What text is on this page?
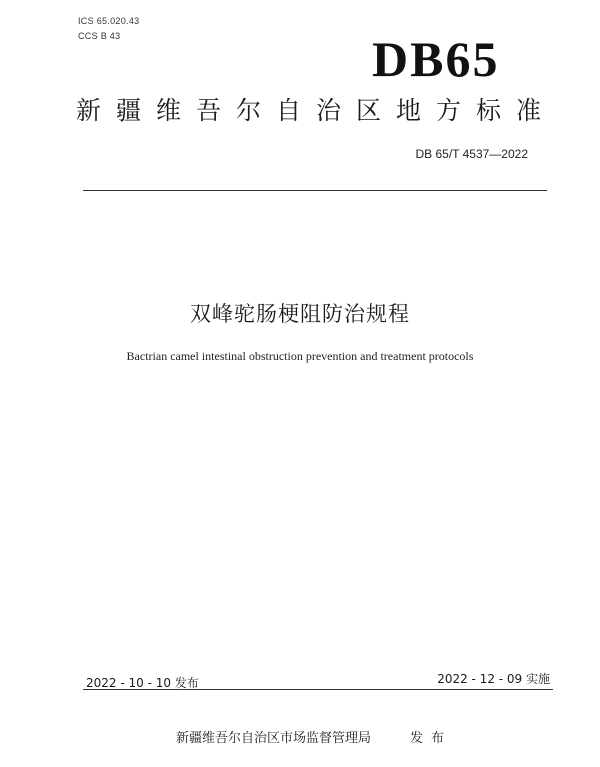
ICS 65.020.43
CCS B 43	DB65
新疆维吾尔自治区地方标准
DB 65/T 4537—2022
双峰驼肠梗阻防治规程
Bactrian camel intestinal obstruction prevention and treatment protocols
2022 - 10 - 10 发布	2022 - 12 - 09 实施
新疆维吾尔自治区市场监督管理局	发布
